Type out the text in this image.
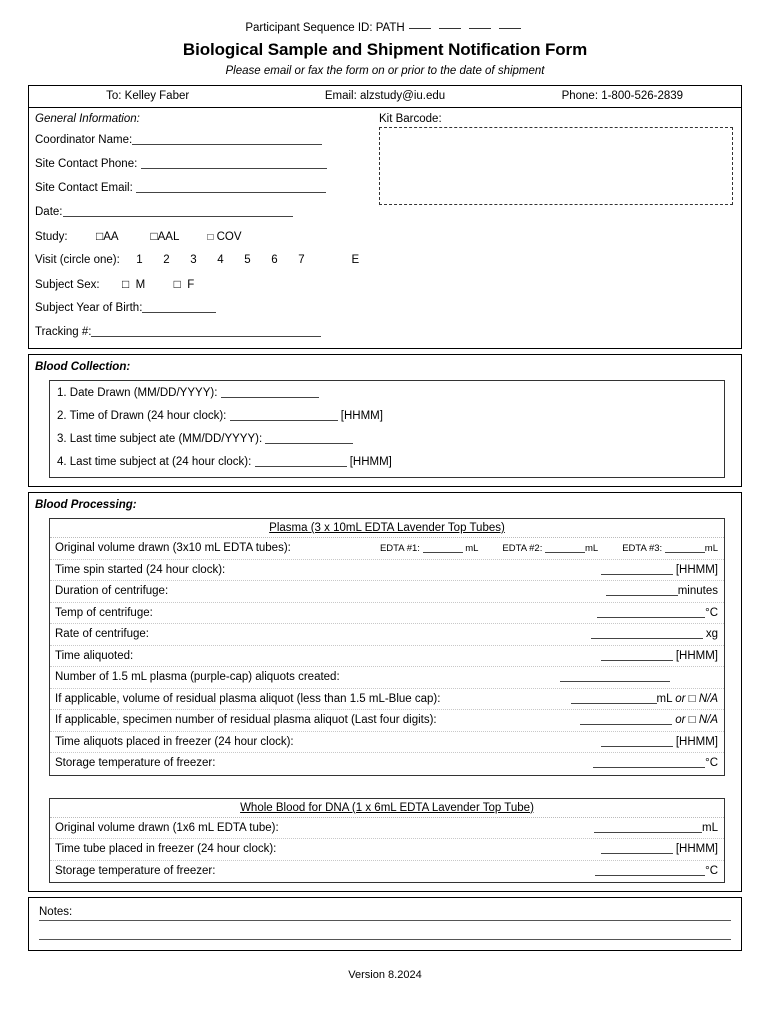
Participant Sequence ID: PATH
Biological Sample and Shipment Notification Form
Please email or fax the form on or prior to the date of shipment
To: Kelley Faber	Email: alzstudy@iu.edu	Phone: 1-800-526-2839
General Information:
Coordinator Name:
Site Contact Phone:
Site Contact Email:
Date:
Study: □AA	□AAL	□ COV
Visit (circle one): 1 2 3 4 5 6 7	E
Subject Sex: □ M □ F
Subject Year of Birth:
Tracking #:
Kit Barcode:
Blood Collection:
1. Date Drawn (MM/DD/YYYY):
2. Time of Drawn (24 hour clock):	[HHMM]
3. Last time subject ate (MM/DD/YYYY):
4. Last time subject at (24 hour clock):	[HHMM]
Blood Processing:
Plasma (3 x 10mL EDTA Lavender Top Tubes)
Original volume drawn (3x10 mL EDTA tubes):	EDTA #1:	mL	EDTA #2:	mL	EDTA #3:	mL
Time spin started (24 hour clock):	[HHMM]
Duration of centrifuge:	minutes
Temp of centrifuge:	°C
Rate of centrifuge:	xg
Time aliquoted:	[HHMM]
Number of 1.5 mL plasma (purple-cap) aliquots created:
If applicable, volume of residual plasma aliquot (less than 1.5 mL-Blue cap):	mL or □ N/A
If applicable, specimen number of residual plasma aliquot (Last four digits):	or □ N/A
Time aliquots placed in freezer (24 hour clock):	[HHMM]
Storage temperature of freezer:	°C
Whole Blood for DNA (1 x 6mL EDTA Lavender Top Tube)
Original volume drawn (1x6 mL EDTA tube):	mL
Time tube placed in freezer (24 hour clock):	[HHMM]
Storage temperature of freezer:	°C
Notes:
Version 8.2024
